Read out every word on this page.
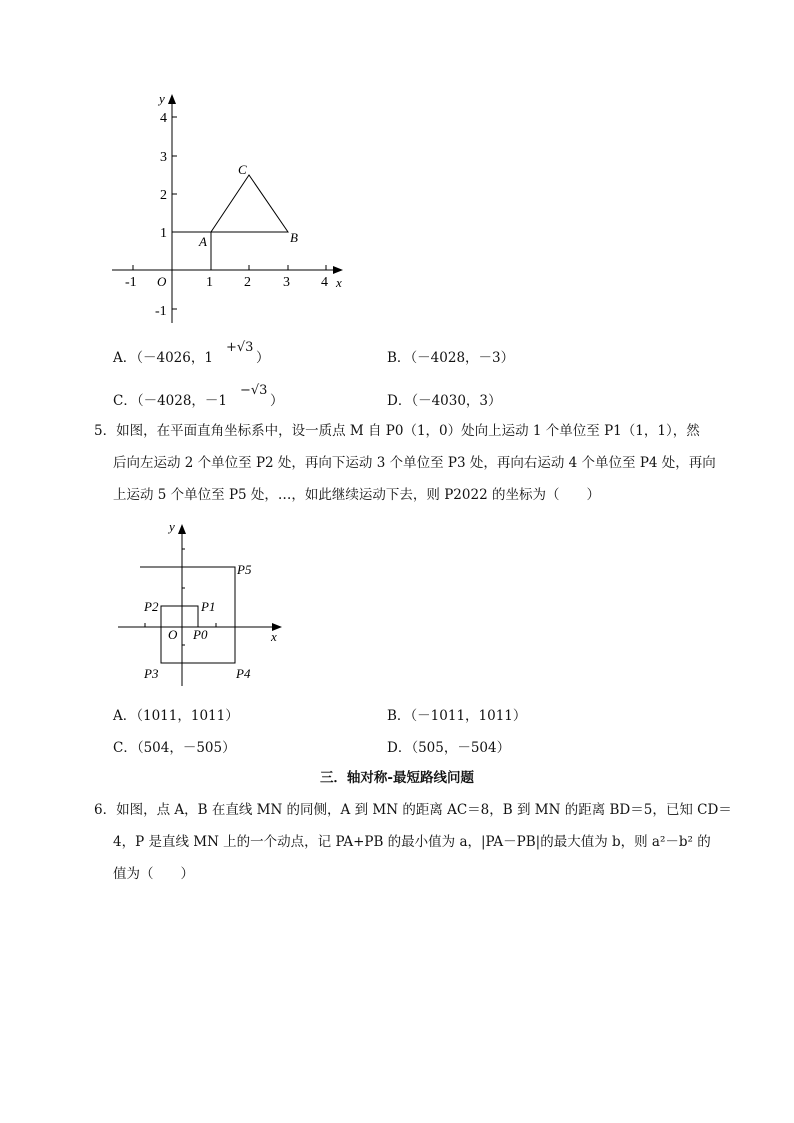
y
x
O
-1	1 2 3 4
4
3
2
1
-1
A	B
C
A．（－4026，1
+√3
）	B．（－4028，－3）
C．（－4028，－1
−√3
）	D．（－4030，3）
5．如图，在平面直角坐标系中，设一质点 M 自 P0（1，0）处向上运动 1 个单位至 P1（1，1），然
后向左运动 2 个单位至 P2 处，再向下运动 3 个单位至 P3 处，再向右运动 4 个单位至 P4 处，再向
上运动 5 个单位至 P5 处，…，如此继续运动下去，则 P2022 的坐标为（　　）
y
x
O P0
P1
P2
P3	P4
P5
A．（1011，1011）	B．（－1011，1011）
C．（504，－505）	D．（505，－504）
三．轴对称-最短路线问题
6．如图，点 A，B 在直线 MN 的同侧，A 到 MN 的距离 AC＝8，B 到 MN 的距离 BD＝5，已知 CD＝
4，P 是直线 MN 上的一个动点，记 PA+PB 的最小值为 a，|PA－PB|的最大值为 b，则 a²－b² 的
值为（　　）
